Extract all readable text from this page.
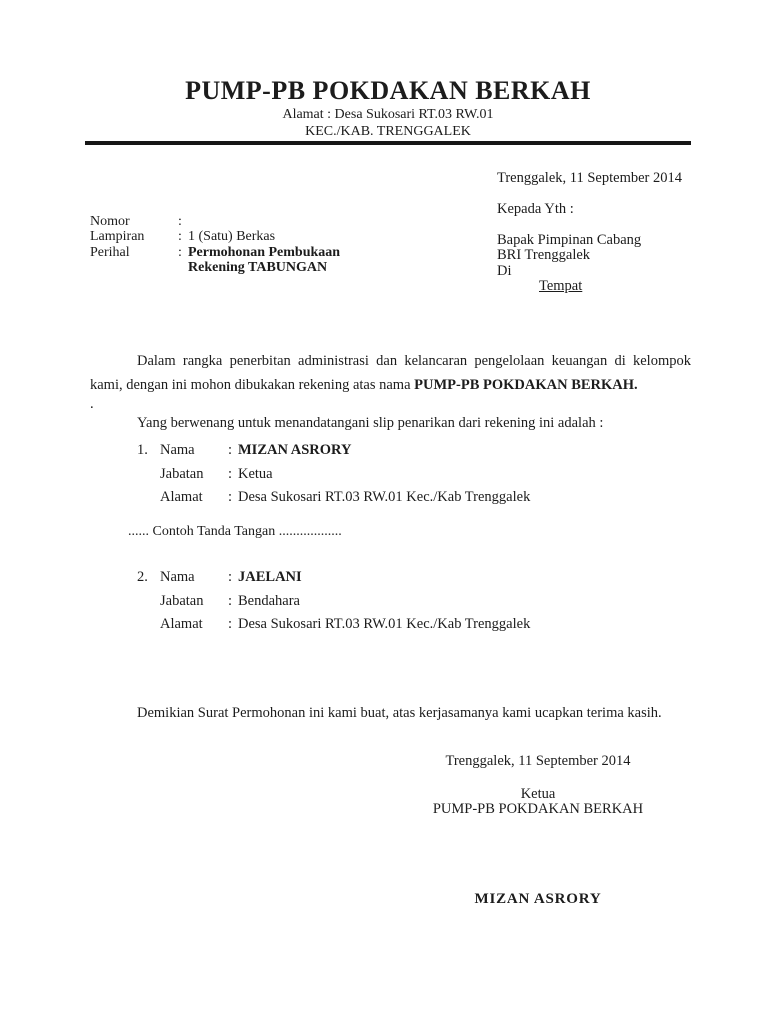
PUMP-PB POKDAKAN BERKAH
Alamat : Desa Sukosari RT.03 RW.01
KEC./KAB. TRENGGALEK
Trenggalek, 11 September 2014
Kepada Yth :
Bapak Pimpinan Cabang
BRI Trenggalek
Di
Tempat
Nomor	:
Lampiran	: 1 (Satu) Berkas
Perihal	: Permohonan Pembukaan
Rekening TABUNGAN
Dalam rangka penerbitan administrasi dan kelancaran pengelolaan keuangan di kelompok kami, dengan ini mohon dibukakan rekening atas nama PUMP-PB POKDAKAN BERKAH.
.
Yang berwenang untuk menandatangani slip penarikan dari rekening ini adalah :
1. Nama	: MIZAN ASRORY
Jabatan	: Ketua
Alamat	: Desa Sukosari RT.03 RW.01 Kec./Kab Trenggalek
...... Contoh Tanda Tangan ..................
2. Nama	: JAELANI
Jabatan	: Bendahara
Alamat	: Desa Sukosari RT.03 RW.01 Kec./Kab Trenggalek
Demikian Surat Permohonan ini kami buat, atas kerjasamanya kami ucapkan terima kasih.
Trenggalek, 11 September 2014
Ketua
PUMP-PB POKDAKAN BERKAH
MIZAN ASRORY
